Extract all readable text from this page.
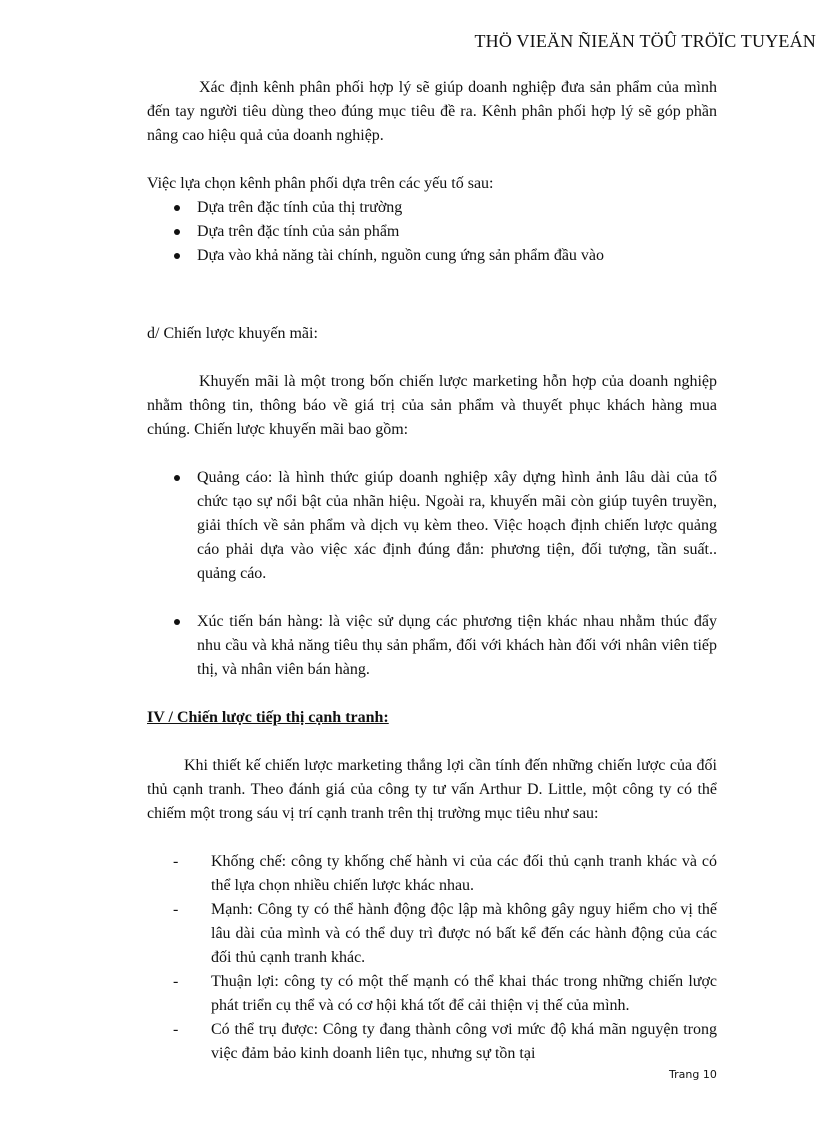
THÖ VIEÄN ÑIEÄN TÖÛ TRÖÏC TUYEÁN

Xác định kênh phân phối hợp lý sẽ giúp doanh nghiệp đưa sản phẩm của mình đến tay người tiêu dùng theo đúng mục tiêu đề ra. Kênh phân phối hợp lý sẽ góp phần nâng cao hiệu quả của doanh nghiệp.

Việc lựa chọn kênh phân phối dựa trên các yếu tố sau:

Dựa trên đặc tính của thị trường
Dựa trên đặc tính của sản phẩm
Dựa vào khả năng tài chính, nguồn cung ứng sản phẩm đầu vào

d/ Chiến lược khuyến mãi:

Khuyến mãi là một trong bốn chiến lược marketing hỗn hợp của doanh nghiệp nhằm thông tin, thông báo về giá trị của sản phẩm và thuyết phục khách hàng mua chúng. Chiến lược khuyến mãi bao gồm:

Quảng cáo: là hình thức giúp doanh nghiệp xây dựng hình ảnh lâu dài của tổ chức tạo sự nổi bật của nhãn hiệu. Ngoài ra, khuyến mãi còn giúp tuyên truyền, giải thích về sản phẩm và dịch vụ kèm theo. Việc hoạch định chiến lược quảng cáo phải dựa vào việc xác định đúng đắn: phương tiện, đối tượng, tần suất.. quảng cáo.
Xúc tiến bán hàng: là việc sử dụng các phương tiện khác nhau nhằm thúc đẩy nhu cầu và khả năng tiêu thụ sản phẩm, đối với khách hàn đối với nhân viên tiếp thị, và nhân viên bán hàng.

IV / Chiến lược tiếp thị cạnh tranh:

Khi thiết kế chiến lược marketing thắng lợi cần tính đến những chiến lược của đối thủ cạnh tranh. Theo đánh giá của công ty tư vấn Arthur D. Little, một công ty có thể chiếm một trong sáu vị trí cạnh tranh trên thị trường mục tiêu như sau:

- Khống chế: công ty khống chế hành vi của các đối thủ cạnh tranh khác và có thể lựa chọn nhiều chiến lược khác nhau.
- Mạnh: Công ty có thể hành động độc lập mà không gây nguy hiểm cho vị thế lâu dài của mình và có thể duy trì được nó bất kể đến các hành động của các đối thủ cạnh tranh khác.
- Thuận lợi: công ty có một thế mạnh có thể khai thác trong những chiến lược phát triển cụ thể và có cơ hội khá tốt để cải thiện vị thế của mình.
- Có thể trụ được: Công ty đang thành công vơi mức độ khá mãn nguyện trong việc đảm bảo kinh doanh liên tục, nhưng sự tồn tại
Trang 10
